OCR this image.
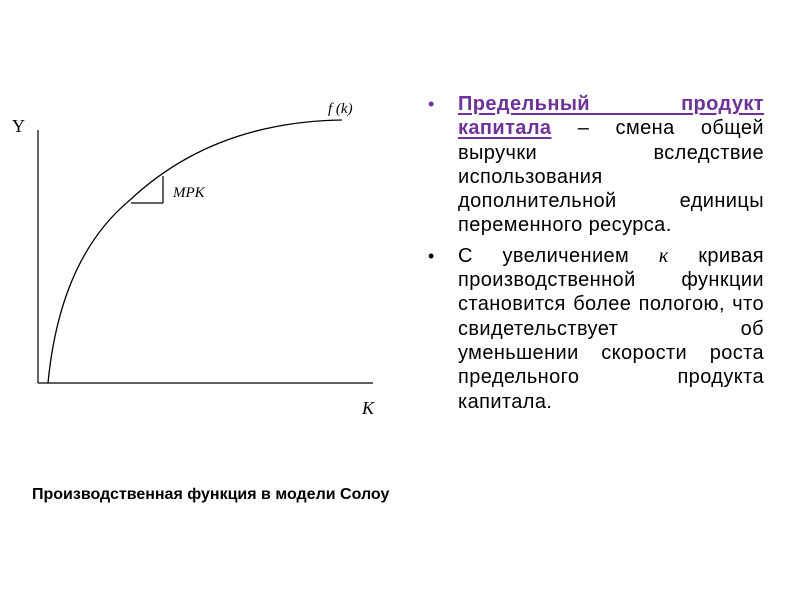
Y
K
f (k)
MPK
• Предельный продукт капитала – смена общей выручки вследствие использования дополнительной единицы переменного ресурса.
• С увеличением к кривая производственной функции становится более пологою, что свидетельствует об уменьшении скорости роста предельного продукта капитала.
Производственная функция в модели Солоу
